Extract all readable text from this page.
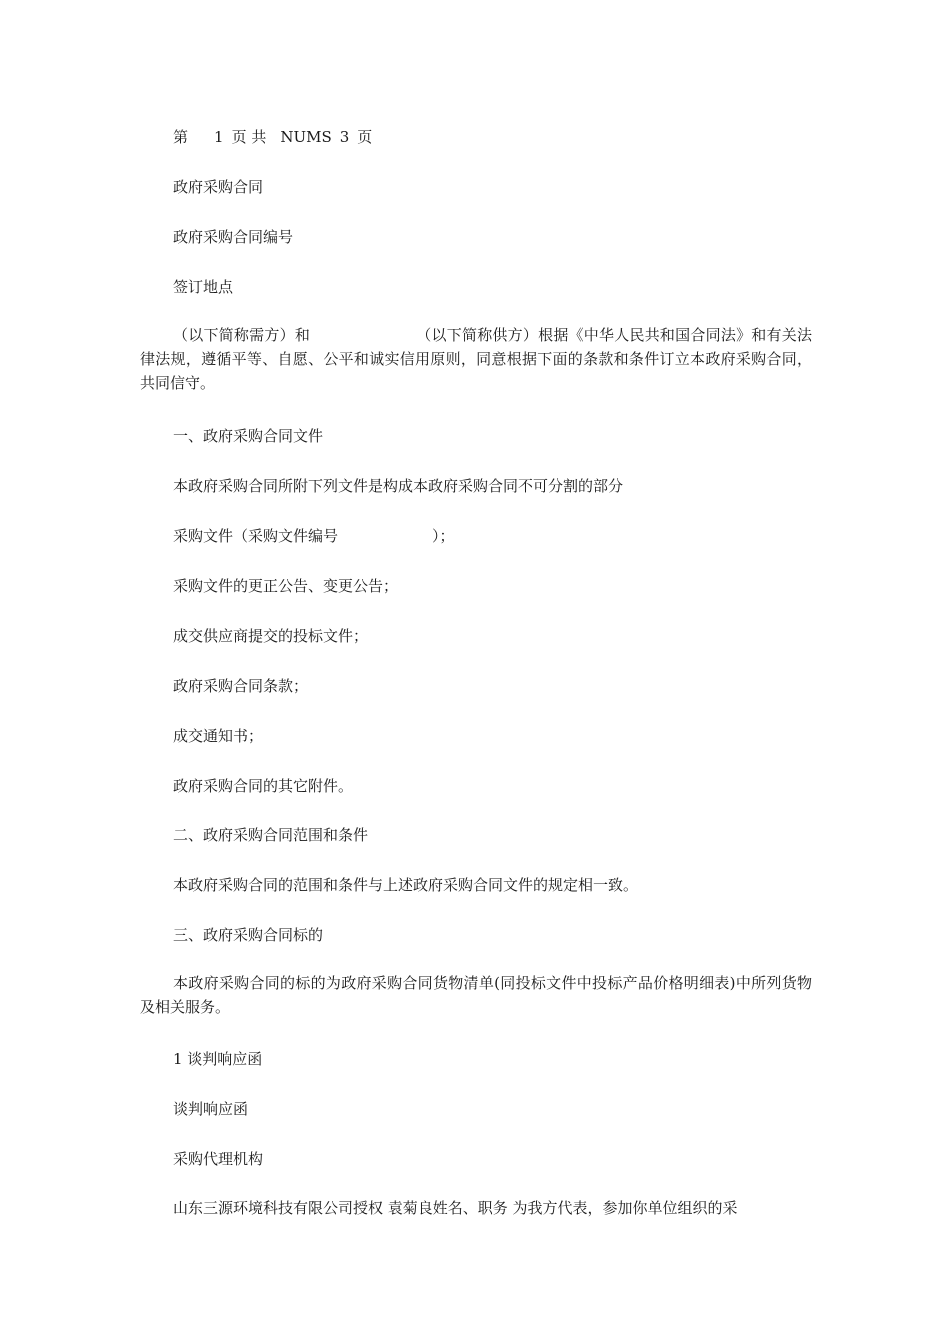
第 1 页 共 NUMS 3 页

政府采购合同

政府采购合同编号

签订地点

（以下简称需方）和	（以下简称供方）根据《中华人民共和国合同法》和有关法律法规，遵循平等、自愿、公平和诚实信用原则，同意根据下面的条款和条件订立本政府采购合同，共同信守。

一、政府采购合同文件

本政府采购合同所附下列文件是构成本政府采购合同不可分割的部分

采购文件（采购文件编号	）；

采购文件的更正公告、变更公告；

成交供应商提交的投标文件；

政府采购合同条款；

成交通知书；

政府采购合同的其它附件。

二、政府采购合同范围和条件

本政府采购合同的范围和条件与上述政府采购合同文件的规定相一致。

三、政府采购合同标的

本政府采购合同的标的为政府采购合同货物清单(同投标文件中投标产品价格明细表)中所列货物及相关服务。

1 谈判响应函

谈判响应函

采购代理机构

山东三源环境科技有限公司授权 袁菊良姓名、职务 为我方代表，参加你单位组织的采
